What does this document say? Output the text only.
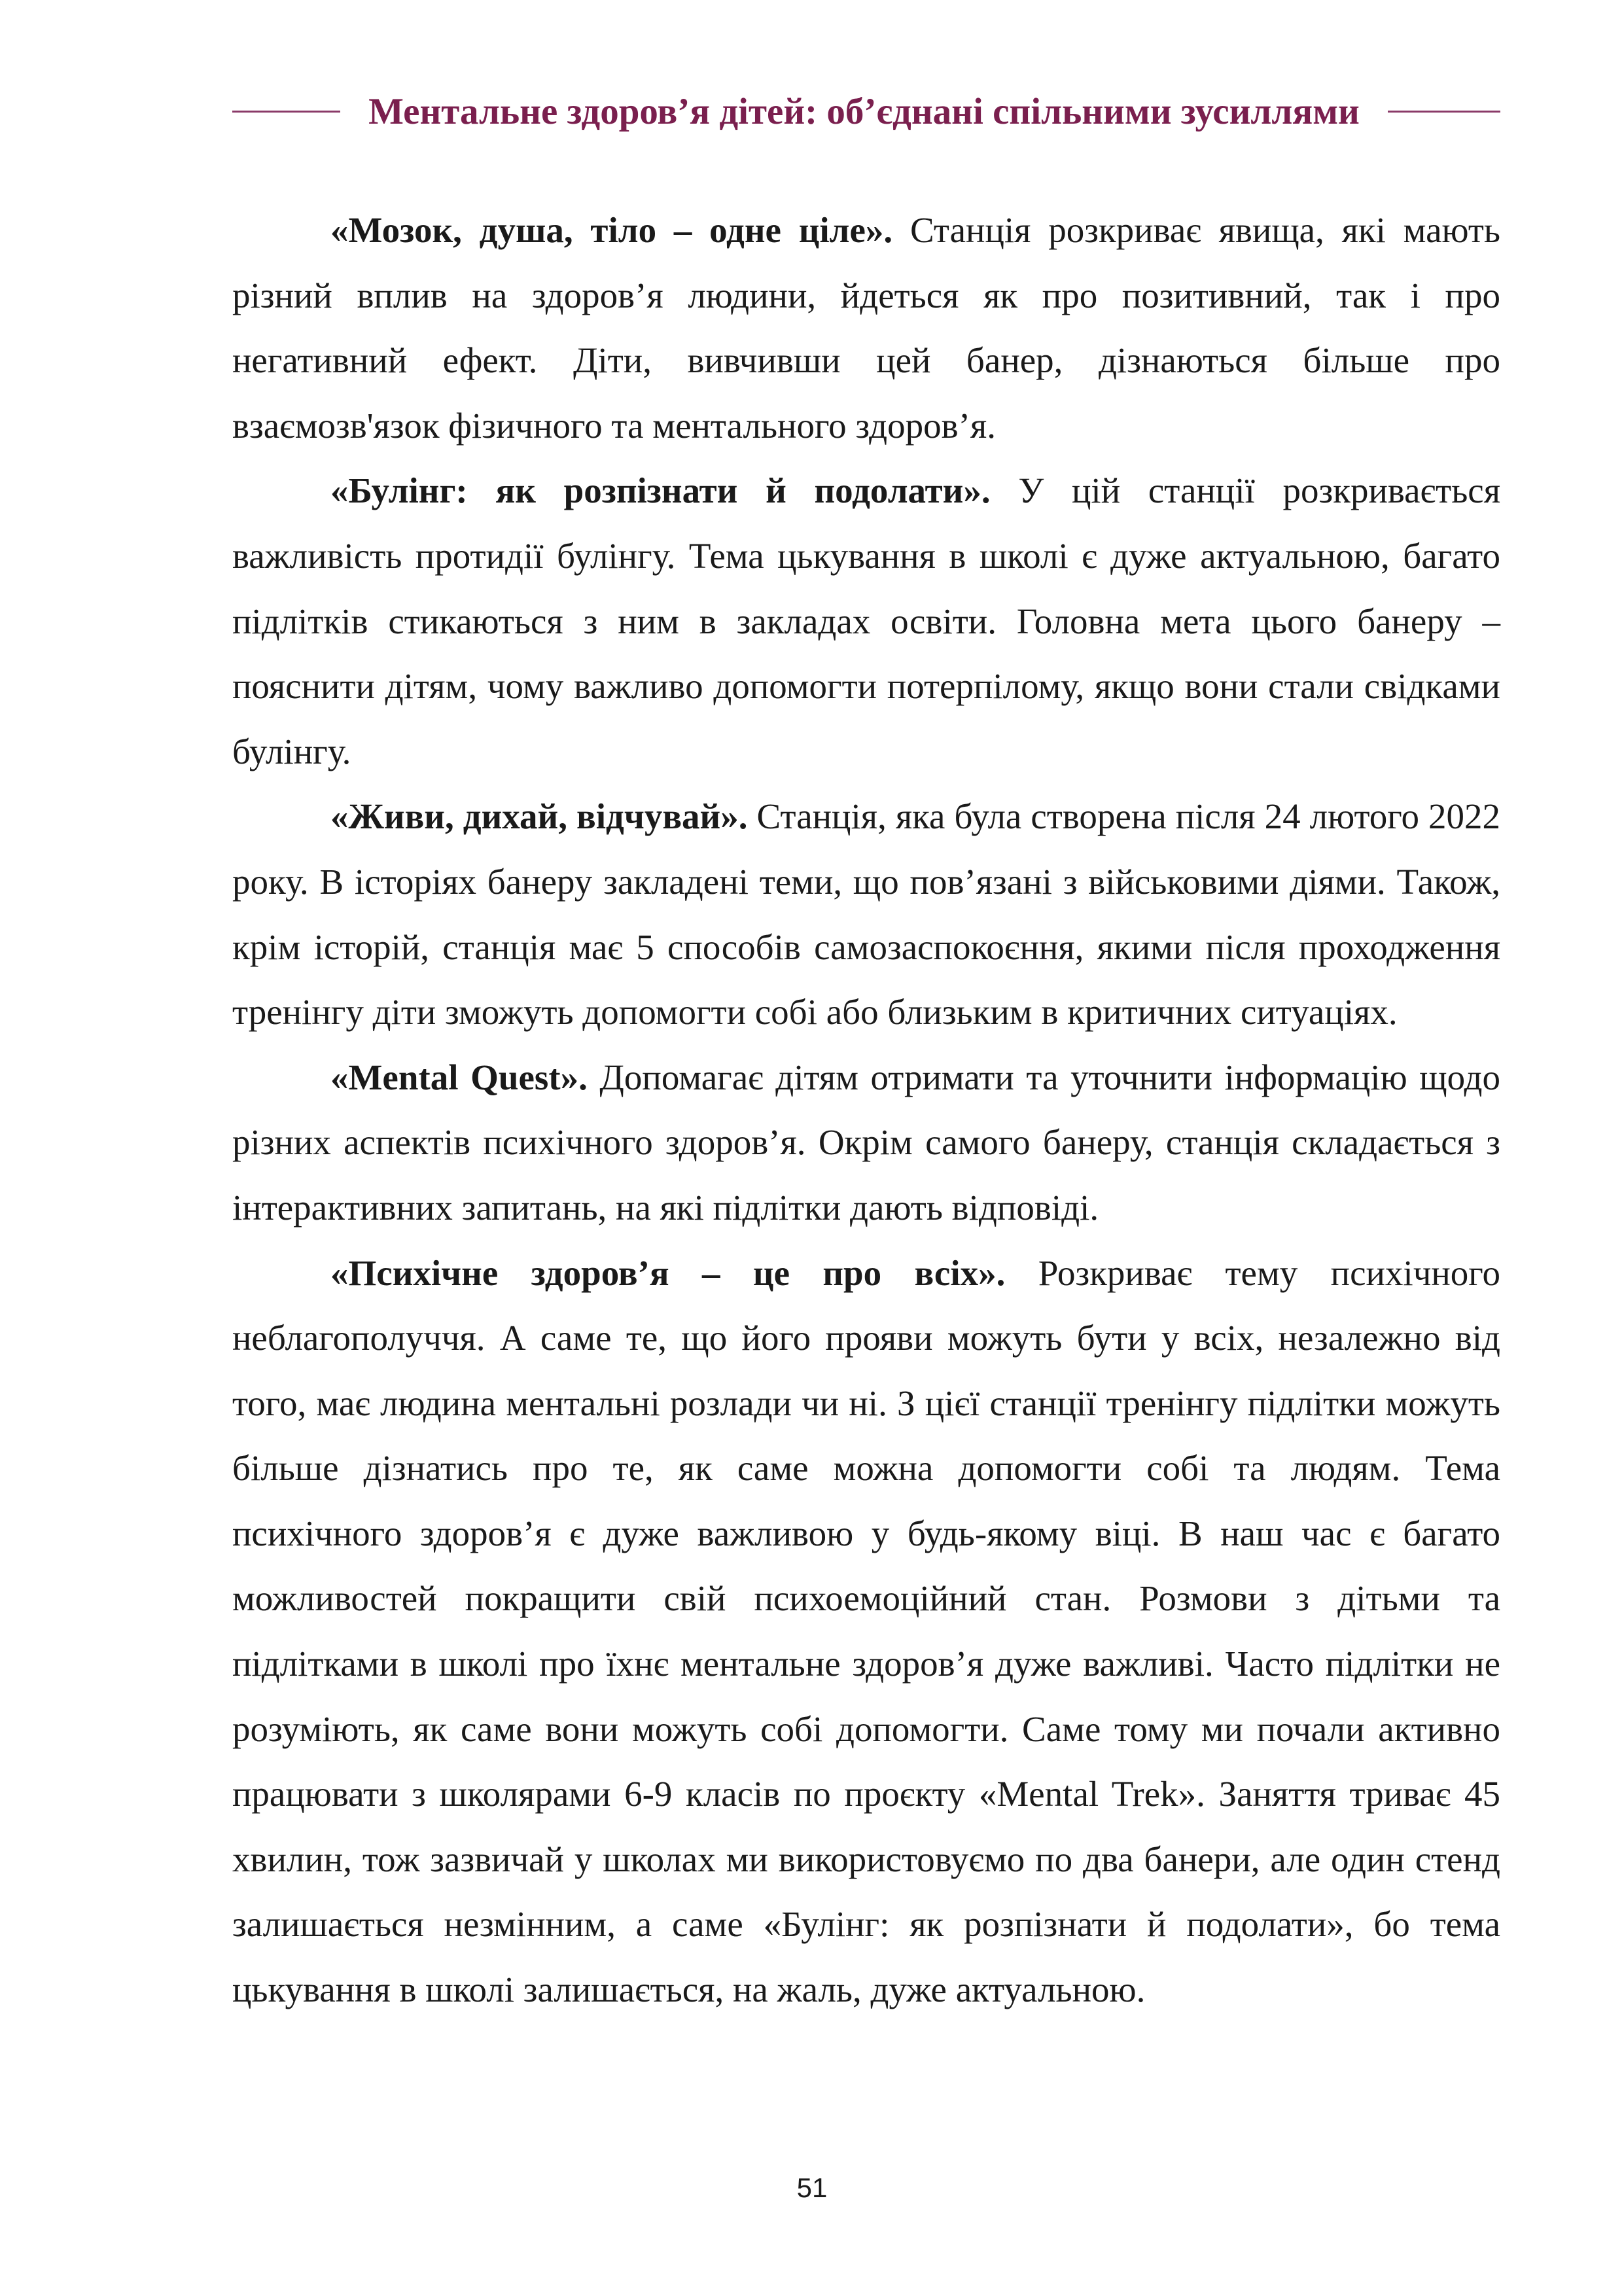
Ментальне здоров’я дітей: об’єднані спільними зусиллями

«Мозок, душа, тіло – одне ціле». Станція розкриває явища, які мають різний вплив на здоров’я людини, йдеться як про позитивний, так і про негативний ефект. Діти, вивчивши цей банер, дізнаються більше про взаємозв'язок фізичного та ментального здоров’я.

«Булінг: як розпізнати й подолати». У цій станції розкривається важливість протидії булінгу. Тема цькування в школі є дуже актуальною, багато підлітків стикаються з ним в закладах освіти. Головна мета цього банеру – пояснити дітям, чому важливо допомогти потерпілому, якщо вони стали свідками булінгу.

«Живи, дихай, відчувай». Станція, яка була створена після 24 лютого 2022 року. В історіях банеру закладені теми, що пов’язані з військовими діями. Також, крім історій, станція має 5 способів самозаспокоєння, якими після проходження тренінгу діти зможуть допомогти собі або близьким в критичних ситуаціях.

«Mental Quest». Допомагає дітям отримати та уточнити інформацію щодо різних аспектів психічного здоров’я. Окрім самого банеру, станція складається з інтерактивних запитань, на які підлітки дають відповіді.

«Психічне здоров’я – це про всіх». Розкриває тему психічного неблагополуччя. А саме те, що його прояви можуть бути у всіх, незалежно від того, має людина ментальні розлади чи ні. З цієї станції тренінгу підлітки можуть більше дізнатись про те, як саме можна допомогти собі та людям. Тема психічного здоров’я є дуже важливою у будь-якому віці. В наш час є багато можливостей покращити свій психоемоційний стан. Розмови з дітьми та підлітками в школі про їхнє ментальне здоров’я дуже важливі. Часто підлітки не розуміють, як саме вони можуть собі допомогти. Саме тому ми почали активно працювати з школярами 6-9 класів по проєкту «Mental Trek». Заняття триває 45 хвилин, тож зазвичай у школах ми використовуємо по два банери, але один стенд залишається незмінним, а саме «Булінг: як розпізнати й подолати», бо тема цькування в школі залишається, на жаль, дуже актуальною.

51
